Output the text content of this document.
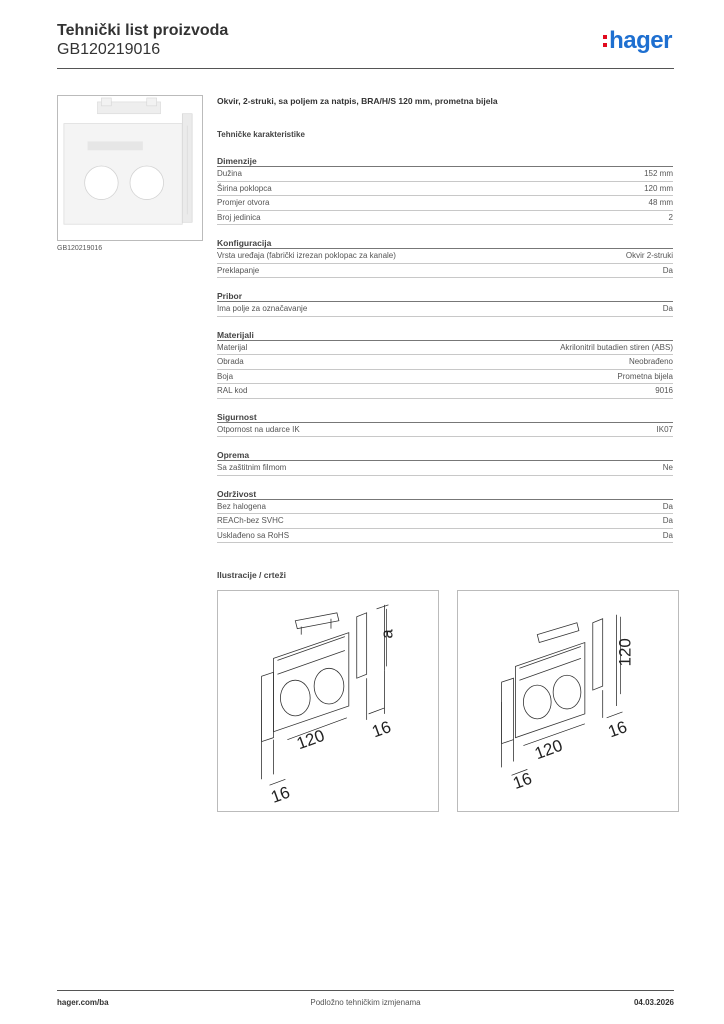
Tehnički list proizvoda
GB120219016	hager
GB120219016
Okvir, 2-struki, sa poljem za natpis, BRA/H/S 120 mm, prometna bijela
Tehničke karakteristike
Dimenzije
Dužina	152 mm
Širina poklopca	120 mm
Promjer otvora	48 mm
Broj jedinica	2
Konfiguracija
Vrsta uređaja (fabrički izrezan poklopac za kanale)	Okvir 2-struki
Preklapanje	Da
Pribor
Ima polje za označavanje	Da
Materijali
Materijal	Akrilonitril butadien stiren (ABS)
Obrada	Neobrađeno
Boja	Prometna bijela
RAL kod	9016
Sigurnost
Otpornost na udarce IK	IK07
Oprema
Sa zaštitnim filmom	Ne
Održivost
Bez halogena	Da
REACh-bez SVHC	Da
Usklađeno sa RoHS	Da
Ilustracije / crteži
a
120 16
16
120
120
16
16
Podložno tehničkim izmjenama
hager.com/ba	04.03.2026
